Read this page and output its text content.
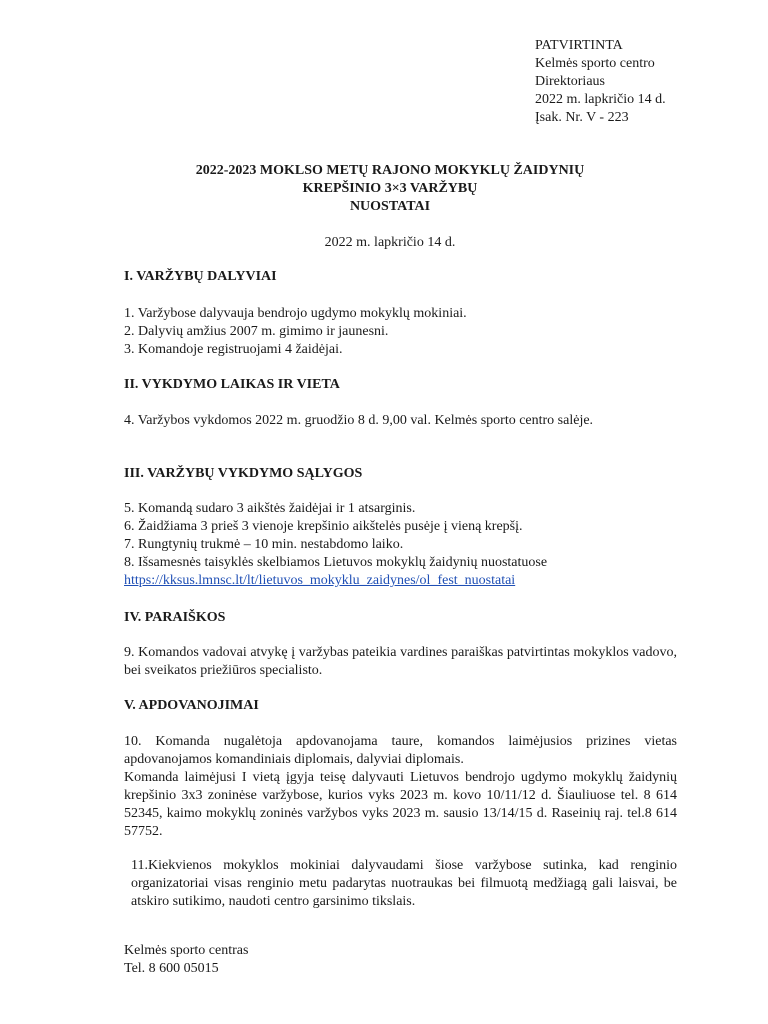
PATVIRTINTA
Kelmės sporto centro
Direktoriaus
2022 m. lapkričio 14 d.
Įsak. Nr. V - 223
2022-2023 MOKLSO METŲ RAJONO MOKYKLŲ ŽAIDYNIŲ
KREPŠINIO 3×3 VARŽYBŲ
NUOSTATAI
2022 m. lapkričio 14 d.
I. VARŽYBŲ DALYVIAI
1. Varžybose dalyvauja bendrojo ugdymo mokyklų mokiniai.
2. Dalyvių amžius 2007 m. gimimo ir jaunesni.
3. Komandoje registruojami 4 žaidėjai.
II. VYKDYMO LAIKAS IR VIETA
4. Varžybos vykdomos 2022 m. gruodžio 8 d. 9,00 val. Kelmės sporto centro salėje.
III. VARŽYBŲ VYKDYMO SĄLYGOS
5. Komandą sudaro 3 aikštės žaidėjai ir 1 atsarginis.
6. Žaidžiama 3 prieš 3 vienoje krepšinio aikštelės pusėje į vieną krepšį.
7. Rungtynių trukmė – 10 min. nestabdomo laiko.
8. Išsamesnės taisyklės skelbiamos Lietuvos mokyklų žaidynių nuostatuose
https://kksus.lmnsc.lt/lt/lietuvos_mokyklu_zaidynes/ol_fest_nuostatai
IV. PARAIŠKOS
9. Komandos vadovai atvykę į varžybas pateikia vardines paraiškas patvirtintas mokyklos vadovo, bei sveikatos priežiūros specialisto.
V. APDOVANOJIMAI
10. Komanda nugalėtoja apdovanojama taure, komandos laimėjusios prizines vietas apdovanojamos komandiniais diplomais, dalyviai diplomais.
Komanda laimėjusi I vietą įgyja teisę dalyvauti Lietuvos bendrojo ugdymo mokyklų žaidynių krepšinio 3x3 zoninėse varžybose, kurios vyks 2023 m. kovo 10/11/12 d. Šiauliuose tel. 8 614 52345, kaimo mokyklų zoninės varžybos vyks 2023 m. sausio 13/14/15 d. Raseinių raj. tel.8 614 57752.
11.Kiekvienos mokyklos mokiniai dalyvaudami šiose varžybose sutinka, kad renginio organizatoriai visas renginio metu padarytas nuotraukas bei filmuotą medžiagą gali laisvai, be atskiro sutikimo, naudoti centro garsinimo tikslais.
Kelmės sporto centras
Tel. 8 600 05015
